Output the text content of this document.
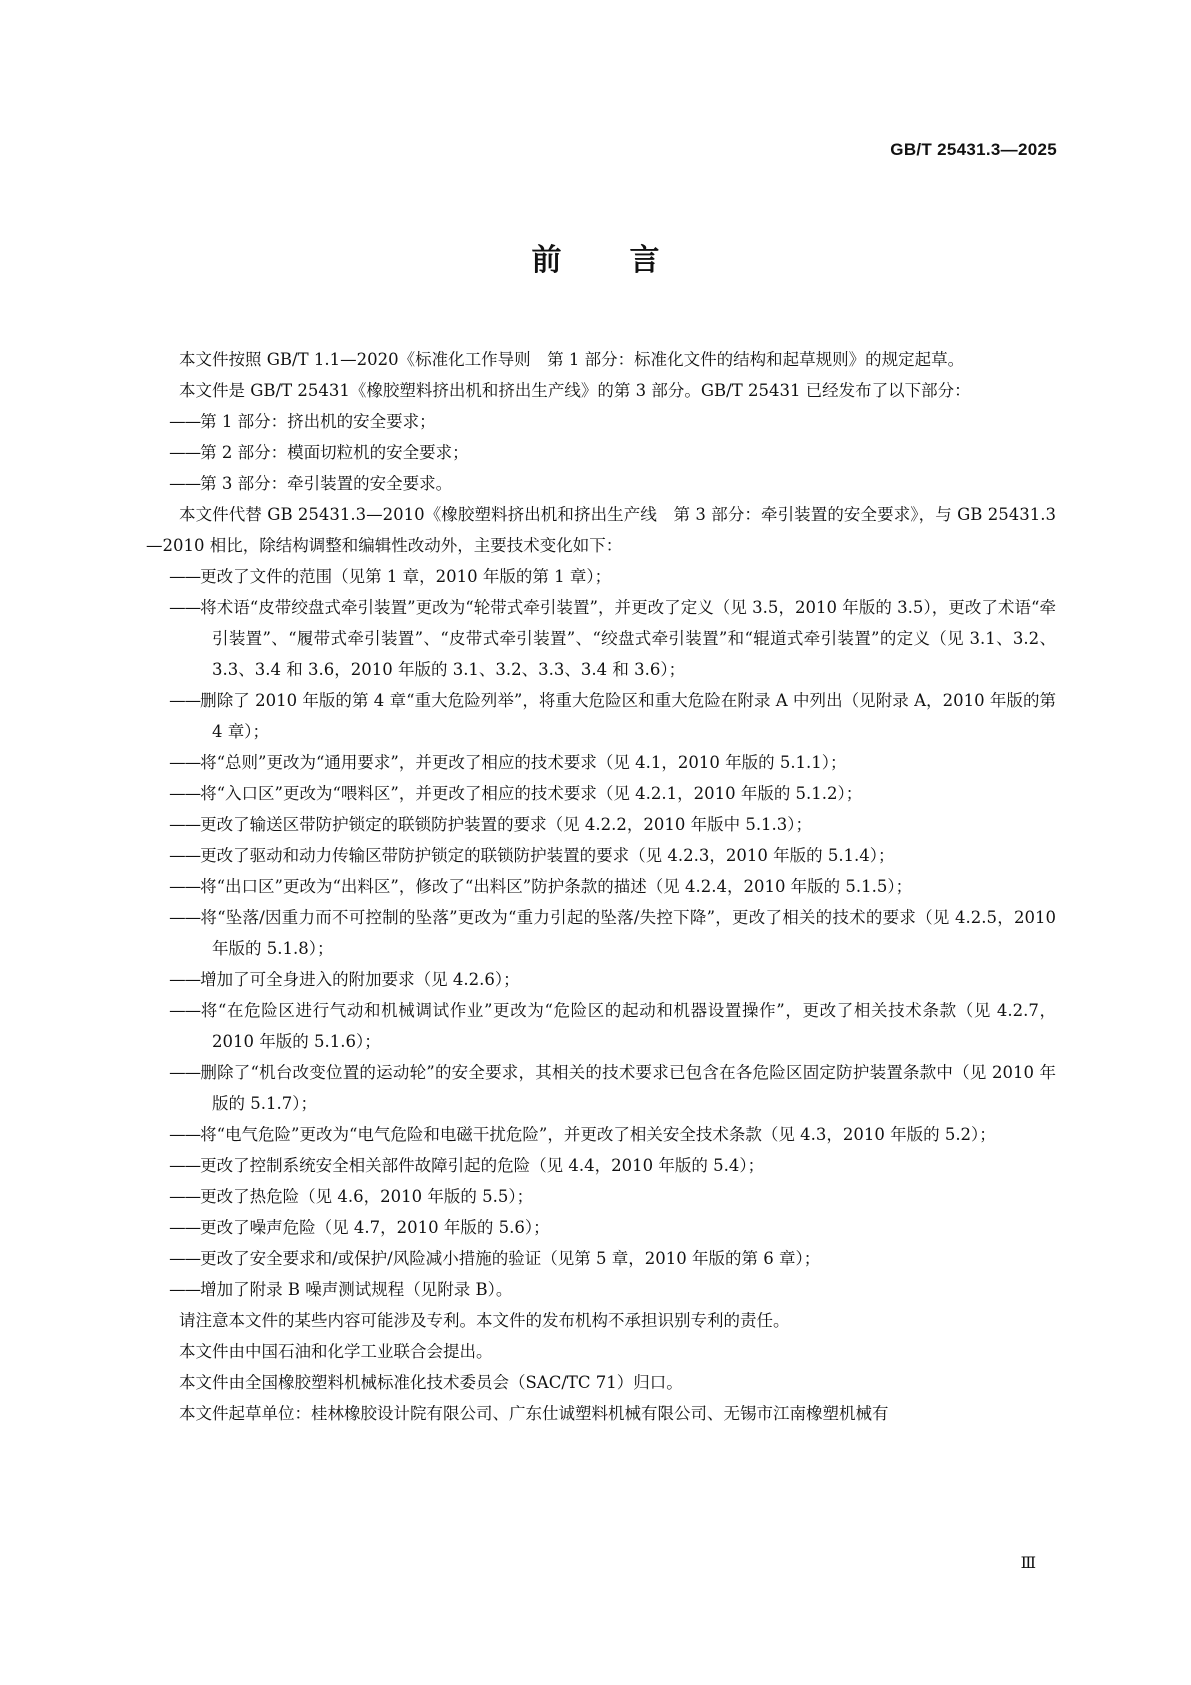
GB/T 25431.3—2025
前 言

本文件按照 GB/T 1.1—2020《标准化工作导则　第 1 部分：标准化文件的结构和起草规则》的规定起草。

本文件是 GB/T 25431《橡胶塑料挤出机和挤出生产线》的第 3 部分。GB/T 25431 已经发布了以下部分：

——第 1 部分：挤出机的安全要求；

——第 2 部分：模面切粒机的安全要求；

——第 3 部分：牵引装置的安全要求。

本文件代替 GB 25431.3—2010《橡胶塑料挤出机和挤出生产线　第 3 部分：牵引装置的安全要求》，与 GB 25431.3—2010 相比，除结构调整和编辑性改动外，主要技术变化如下：

——更改了文件的范围（见第 1 章，2010 年版的第 1 章）；

——将术语“皮带绞盘式牵引装置”更改为“轮带式牵引装置”，并更改了定义（见 3.5，2010 年版的 3.5），更改了术语“牵引装置”、“履带式牵引装置”、“皮带式牵引装置”、“绞盘式牵引装置”和“辊道式牵引装置”的定义（见 3.1、3.2、3.3、3.4 和 3.6，2010 年版的 3.1、3.2、3.3、3.4 和 3.6）；

——删除了 2010 年版的第 4 章“重大危险列举”，将重大危险区和重大危险在附录 A 中列出（见附录 A，2010 年版的第 4 章）；

——将“总则”更改为“通用要求”，并更改了相应的技术要求（见 4.1，2010 年版的 5.1.1）；

——将“入口区”更改为“喂料区”，并更改了相应的技术要求（见 4.2.1，2010 年版的 5.1.2）；

——更改了输送区带防护锁定的联锁防护装置的要求（见 4.2.2，2010 年版中 5.1.3）；

——更改了驱动和动力传输区带防护锁定的联锁防护装置的要求（见 4.2.3，2010 年版的 5.1.4）；

——将“出口区”更改为“出料区”，修改了“出料区”防护条款的描述（见 4.2.4，2010 年版的 5.1.5）；

——将“坠落/因重力而不可控制的坠落”更改为“重力引起的坠落/失控下降”，更改了相关的技术的要求（见 4.2.5，2010 年版的 5.1.8）；

——增加了可全身进入的附加要求（见 4.2.6）；

——将“在危险区进行气动和机械调试作业”更改为“危险区的起动和机器设置操作”，更改了相关技术条款（见 4.2.7，2010 年版的 5.1.6）；

——删除了“机台改变位置的运动轮”的安全要求，其相关的技术要求已包含在各危险区固定防护装置条款中（见 2010 年版的 5.1.7）；

——将“电气危险”更改为“电气危险和电磁干扰危险”，并更改了相关安全技术条款（见 4.3，2010 年版的 5.2）；

——更改了控制系统安全相关部件故障引起的危险（见 4.4，2010 年版的 5.4）；

——更改了热危险（见 4.6，2010 年版的 5.5）；

——更改了噪声危险（见 4.7，2010 年版的 5.6）；

——更改了安全要求和/或保护/风险减小措施的验证（见第 5 章，2010 年版的第 6 章）；

——增加了附录 B 噪声测试规程（见附录 B）。

请注意本文件的某些内容可能涉及专利。本文件的发布机构不承担识别专利的责任。

本文件由中国石油和化学工业联合会提出。

本文件由全国橡胶塑料机械标准化技术委员会（SAC/TC 71）归口。

本文件起草单位：桂林橡胶设计院有限公司、广东仕诚塑料机械有限公司、无锡市江南橡塑机械有

Ⅲ
